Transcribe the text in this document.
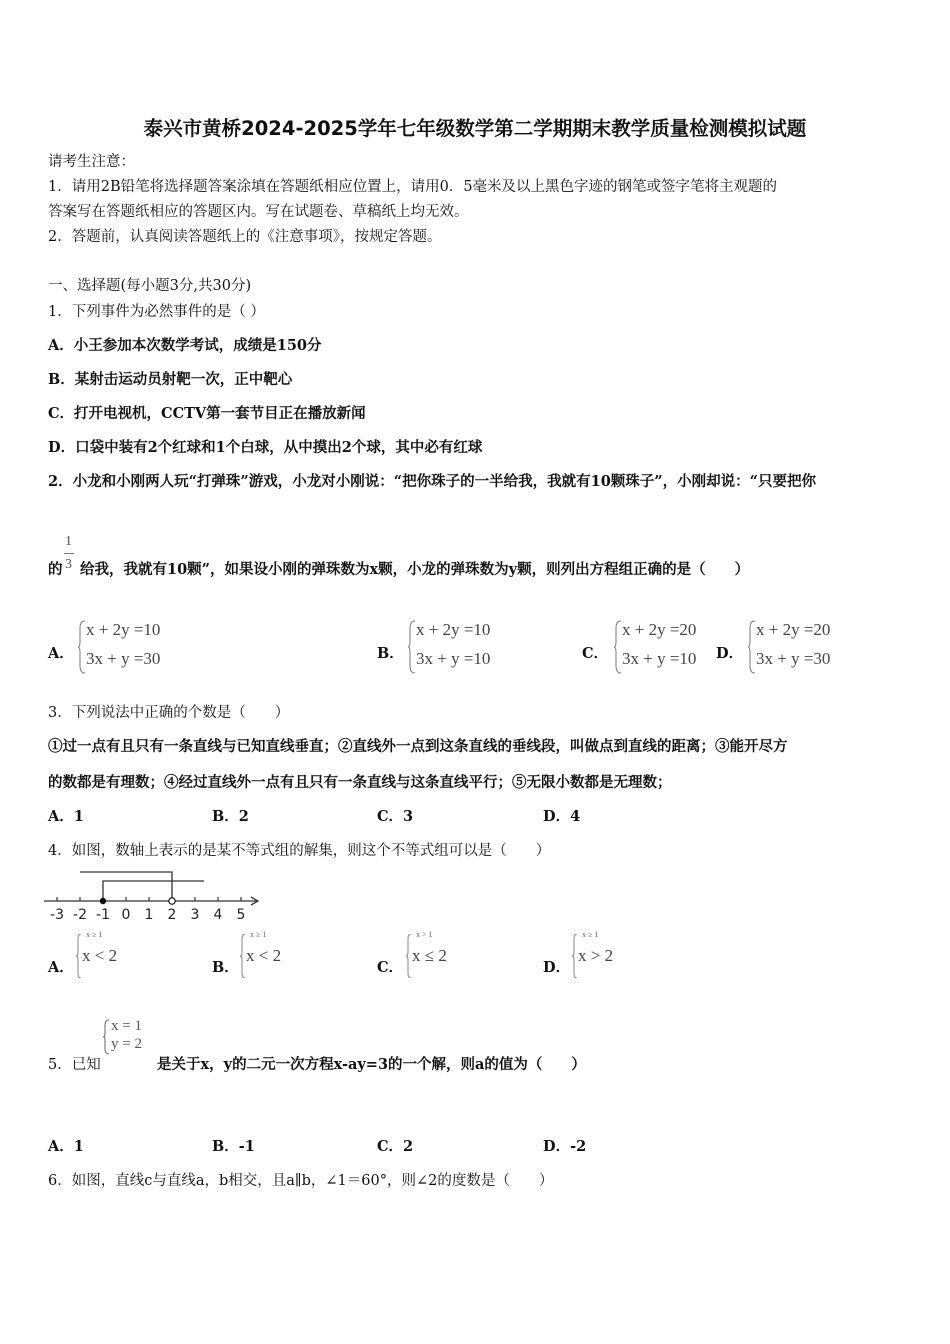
泰兴市黄桥2024-2025学年七年级数学第二学期期末教学质量检测模拟试题
请考生注意：
1．请用2B铅笔将选择题答案涂填在答题纸相应位置上，请用0．5毫米及以上黑色字迹的钢笔或签字笔将主观题的
答案写在答题纸相应的答题区内。写在试题卷、草稿纸上均无效。
2．答题前，认真阅读答题纸上的《注意事项》，按规定答题。
一、选择题(每小题3分,共30分)
1．下列事件为必然事件的是（ ）
A．小王参加本次数学考试，成绩是150分
B．某射击运动员射靶一次，正中靶心
C．打开电视机，CCTV第一套节目正在播放新闻
D．口袋中装有2个红球和1个白球，从中摸出2个球，其中必有红球
2．小龙和小刚两人玩“打弹珠”游戏，小龙对小刚说：“把你珠子的一半给我，我就有10颗珠子”，小刚却说：“只要把你
的
1
3 给我，我就有10颗”，如果设小刚的弹珠数为x颗，小龙的弹珠数为y颗，则列出方程组正确的是（　　）
A．
x + 2y =10
3x + y =30	B．
x + 2y =10
3x + y =10	C．
x + 2y =20
3x + y =10 D．
x + 2y =20
3x + y =30
3．下列说法中正确的个数是（　　）
①过一点有且只有一条直线与已知直线垂直；②直线外一点到这条直线的垂线段，叫做点到直线的距离；③能开尽方
的数都是有理数；④经过直线外一点有且只有一条直线与这条直线平行；⑤无限小数都是无理数；
A．1	B．2	C．3	D．4
4．如图，数轴上表示的是某不等式组的解集，则这个不等式组可以是（　　）
-3 -2 -1 0 1 2 3 4 5
A．
x ≥ 1
x < 2
B．
x ≥ 1
x < 2
C．
x > 1
x ≤ 2
D．
x ≥ 1
x > 2
x = 1
y = 2
5．已知	是关于x，y的二元一次方程x-ay=3的一个解，则a的值为（　　）
A．1	B．-1	C．2	D．-2
6．如图，直线c与直线a，b相交，且a∥b，∠1＝60°，则∠2的度数是（　　）
